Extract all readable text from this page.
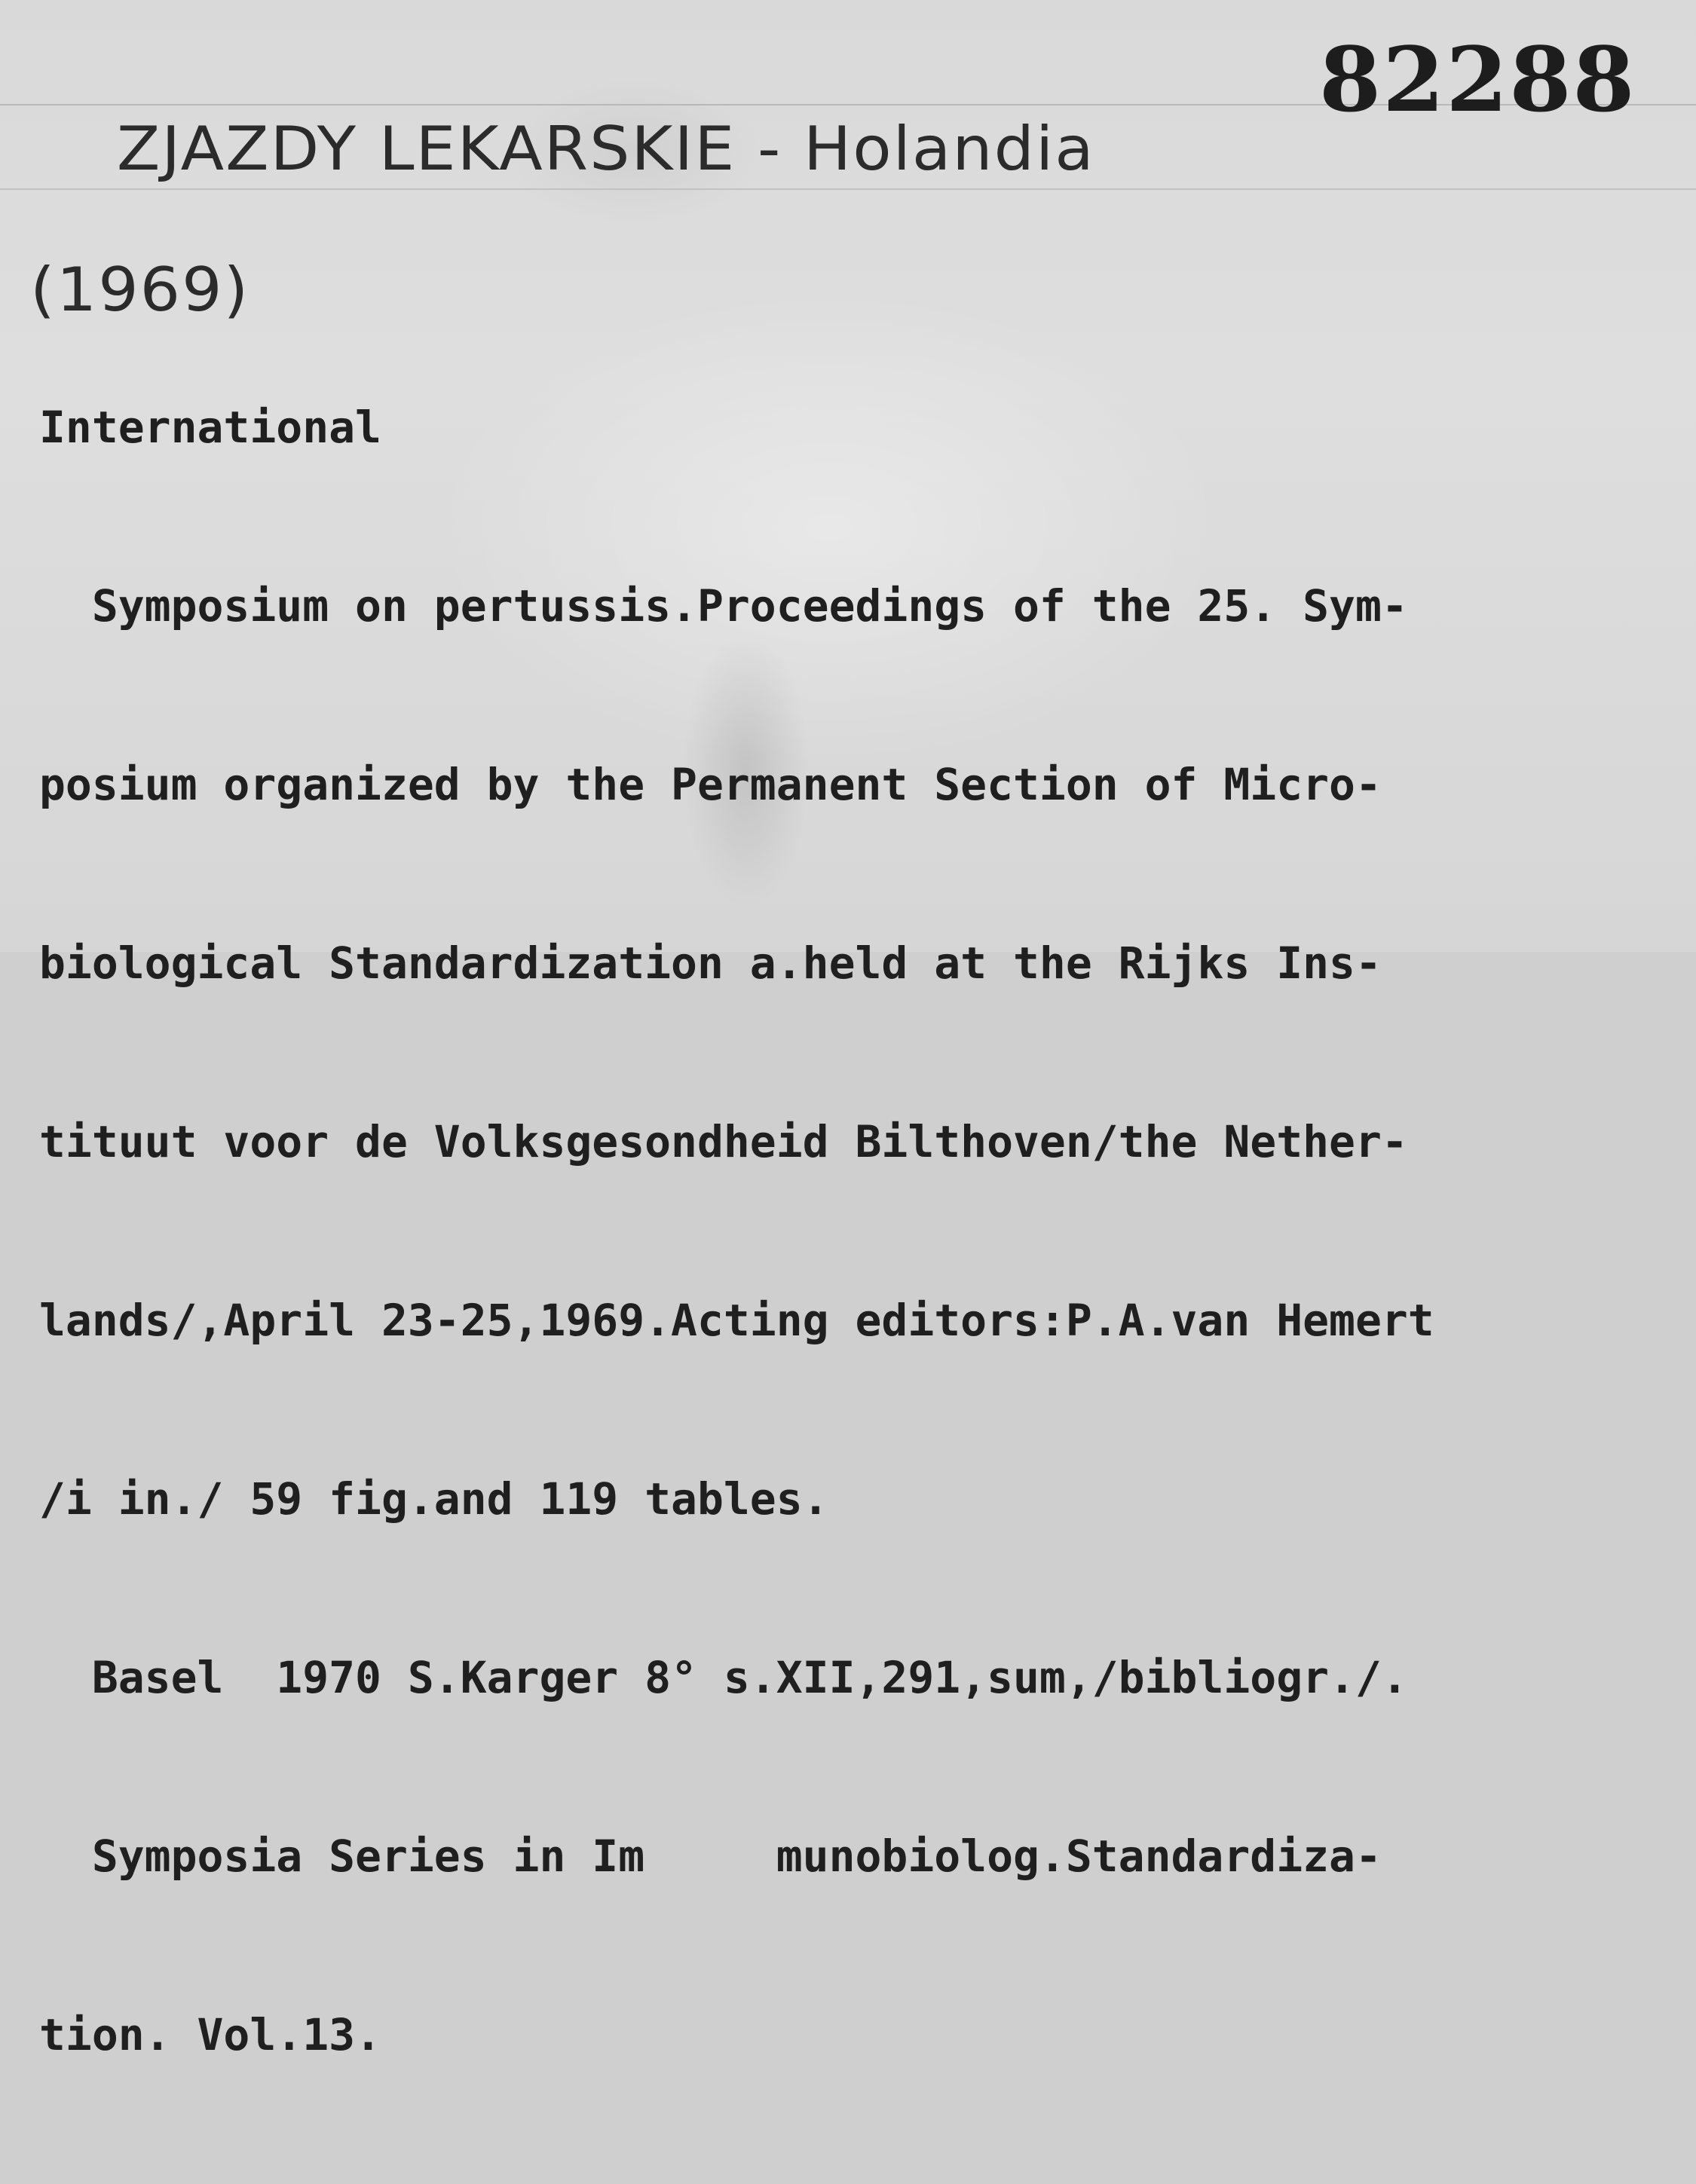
ZJAZDY LEKARSKIE - Holandia

(1969)

82288

International

Symposium on pertussis.Proceedings of the 25. Sym-

posium organized by the Permanent Section of Micro-

biological Standardization a.held at the Rijks Ins-

tituut voor de Volksgesondheid Bilthoven/the Nether-

lands/,April 23-25,1969.Acting editors:P.A.van Hemert

/i in./ 59 fig.and 119 tables.

Basel  1970 S.Karger 8° s.XII,291,sum,/bibliogr./.

Symposia Series in Im     munobiolog.Standardiza-

tion. Vol.13.
